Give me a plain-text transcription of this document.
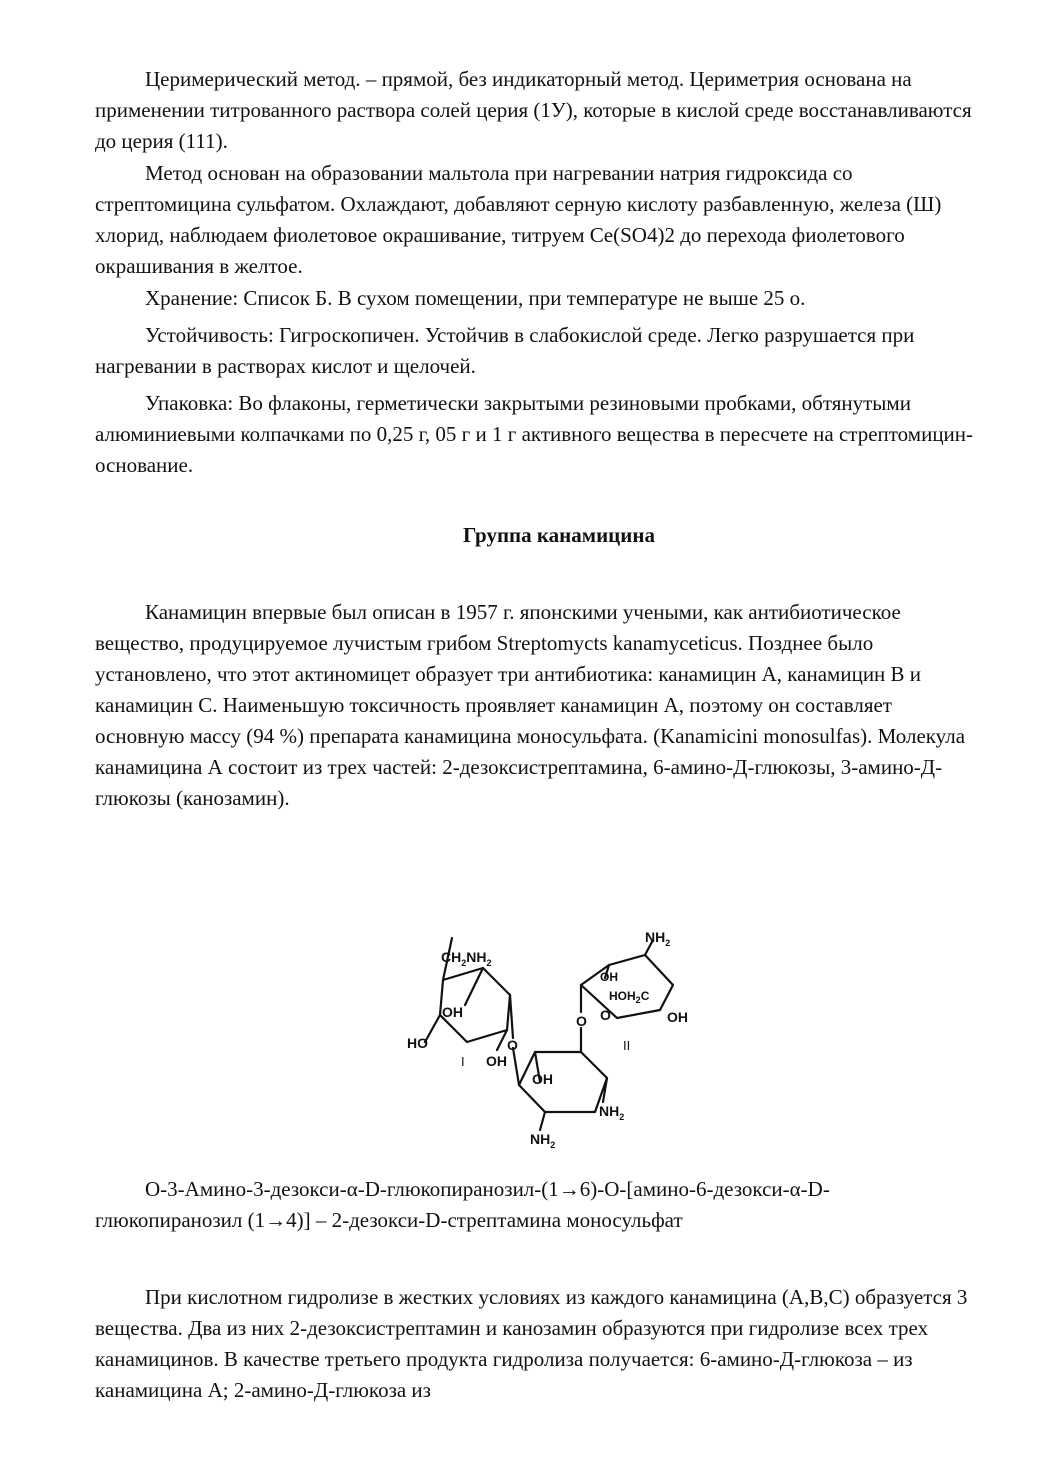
Церимерический метод. – прямой, без индикаторный метод. Цериметрия основана на применении титрованного раствора солей церия (1У), которые в кислой среде восстанавливаются до церия (111).

Метод основан на образовании мальтола при нагревании натрия гидроксида со стрептомицина сульфатом. Охлаждают, добавляют серную кислоту разбавленную, железа (Ш) хлорид, наблюдаем фиолетовое окрашивание, титруем Ce(SO4)2 до перехода фиолетового окрашивания в желтое.

Хранение: Список Б. В сухом помещении, при температуре не выше 25 о.

Устойчивость: Гигроскопичен. Устойчив в слабокислой среде. Легко разрушается при нагревании в растворах кислот и щелочей.

Упаковка: Во флаконы, герметически закрытыми резиновыми пробками, обтянутыми алюминиевыми колпачками по 0,25 г, 05 г и 1 г активного вещества в пересчете на стрептомицин-основание.

Группа канамицина

Канамицин впервые был описан в 1957 г. японскими учеными, как антибиотическое вещество, продуцируемое лучистым грибом Streptomycts kanamyceticus. Позднее было установлено, что этот актиномицет образует три антибиотика: канамицин А, канамицин В и канамицин С. Наименьшую токсичность проявляет канамицин А, поэтому он составляет основную массу (94 %) препарата канамицина моносульфата. (Kanamicini monosulfas). Молекула канамицина А состоит из трех частей: 2-дезоксистрептамина, 6-амино-Д-глюкозы, 3-амино-Д-глюкозы (канозамин).

$CH_2NH_2$
OH
HO
OH
I
O
OH
$NH_2$
$NH_2$
O
OH
$HOH_2C$
O	OH
II
$NH_2$

О-3-Амино-3-дезокси-α-D-глюкопиранозил-(1→6)-О-[амино-6-дезокси-α-D-глюкопиранозил (1→4)] – 2-дезокси-D-стрептамина моносульфат

При кислотном гидролизе в жестких условиях из каждого канамицина (А,В,С) образуется 3 вещества. Два из них 2-дезоксистрептамин и канозамин образуются при гидролизе всех трех канамицинов. В качестве третьего продукта гидролиза получается: 6-амино-Д-глюкоза – из канамицина А; 2-амино-Д-глюкоза из
